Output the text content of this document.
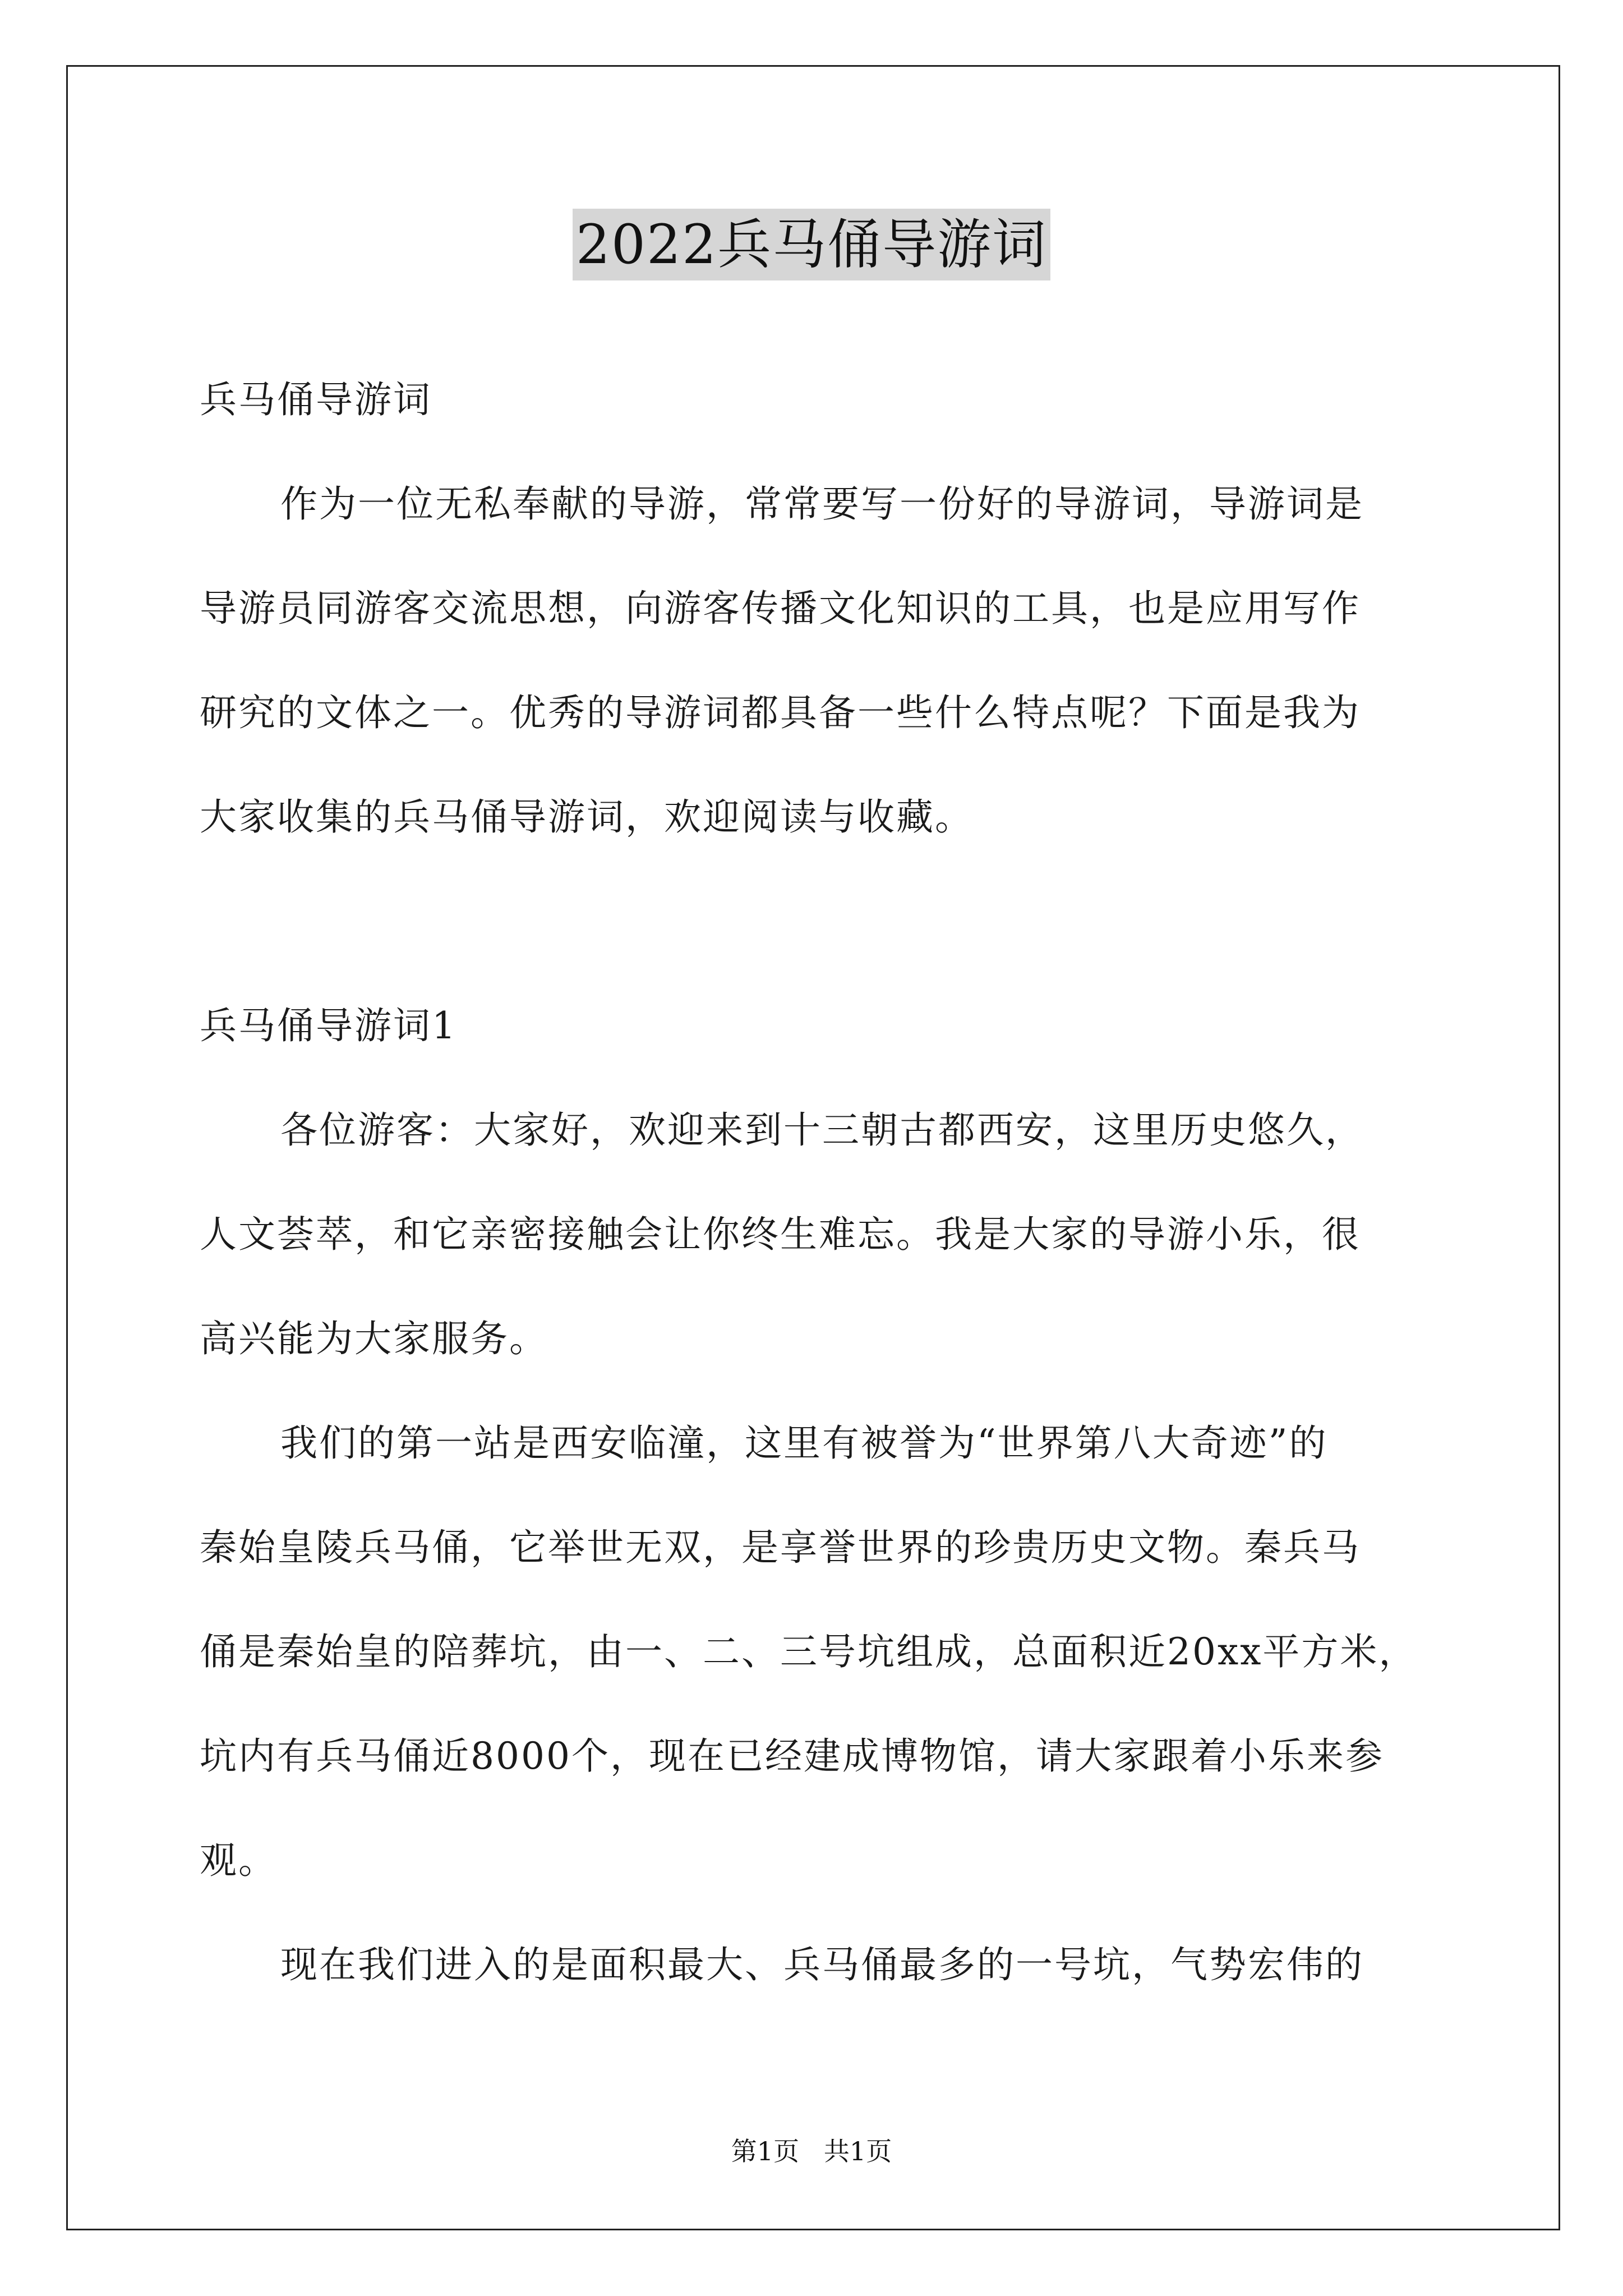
2022兵马俑导游词
兵马俑导游词
作为一位无私奉献的导游，常常要写一份好的导游词，导游词是
导游员同游客交流思想，向游客传播文化知识的工具，也是应用写作
研究的文体之一。优秀的导游词都具备一些什么特点呢？下面是我为
大家收集的兵马俑导游词，欢迎阅读与收藏。
兵马俑导游词1
各位游客：大家好，欢迎来到十三朝古都西安，这里历史悠久，
人文荟萃，和它亲密接触会让你终生难忘。我是大家的导游小乐，很
高兴能为大家服务。
我们的第一站是西安临潼，这里有被誉为“世界第八大奇迹”的
秦始皇陵兵马俑，它举世无双，是享誉世界的珍贵历史文物。秦兵马
俑是秦始皇的陪葬坑，由一、二、三号坑组成，总面积近20xx平方米，
坑内有兵马俑近8000个，现在已经建成博物馆，请大家跟着小乐来参
观。
现在我们进入的是面积最大、兵马俑最多的一号坑，气势宏伟的
第1页   共1页
